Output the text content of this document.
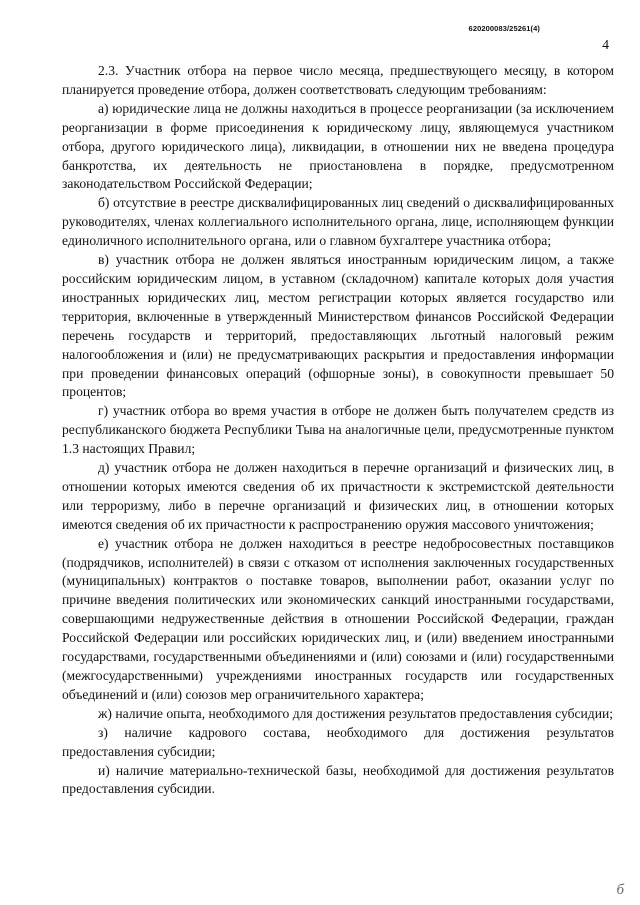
620200083/25261(4)
4

2.3. Участник отбора на первое число месяца, предшествующего месяцу, в котором планируется проведение отбора, должен соответствовать следующим требованиям:

а) юридические лица не должны находиться в процессе реорганизации (за исключением реорганизации в форме присоединения к юридическому лицу, являющемуся участником отбора, другого юридического лица), ликвидации, в отношении них не введена процедура банкротства, их деятельность не приостановлена в порядке, предусмотренном законодательством Российской Федерации;

б) отсутствие в реестре дисквалифицированных лиц сведений о дисквалифицированных руководителях, членах коллегиального исполнительного органа, лице, исполняющем функции единоличного исполнительного органа, или о главном бухгалтере участника отбора;

в) участник отбора не должен являться иностранным юридическим лицом, а также российским юридическим лицом, в уставном (складочном) капитале которых доля участия иностранных юридических лиц, местом регистрации которых является государство или территория, включенные в утвержденный Министерством финансов Российской Федерации перечень государств и территорий, предоставляющих льготный налоговый режим налогообложения и (или) не предусматривающих раскрытия и предоставления информации при проведении финансовых операций (офшорные зоны), в совокупности превышает 50 процентов;

г) участник отбора во время участия в отборе не должен быть получателем средств из республиканского бюджета Республики Тыва на аналогичные цели, предусмотренные пунктом 1.3 настоящих Правил;

д) участник отбора не должен находиться в перечне организаций и физических лиц, в отношении которых имеются сведения об их причастности к экстремистской деятельности или терроризму, либо в перечне организаций и физических лиц, в отношении которых имеются сведения об их причастности к распространению оружия массового уничтожения;

е) участник отбора не должен находиться в реестре недобросовестных поставщиков (подрядчиков, исполнителей) в связи с отказом от исполнения заключенных государственных (муниципальных) контрактов о поставке товаров, выполнении работ, оказании услуг по причине введения политических или экономических санкций иностранными государствами, совершающими недружественные действия в отношении Российской Федерации, граждан Российской Федерации или российских юридических лиц, и (или) введением иностранными государствами, государственными объединениями и (или) союзами и (или) государственными (межгосударственными) учреждениями иностранных государств или государственных объединений и (или) союзов мер ограничительного характера;

ж) наличие опыта, необходимого для достижения результатов предоставления субсидии;

з) наличие кадрового состава, необходимого для достижения результатов предоставления субсидии;

и) наличие материально-технической базы, необходимой для достижения результатов предоставления субсидии.

б
